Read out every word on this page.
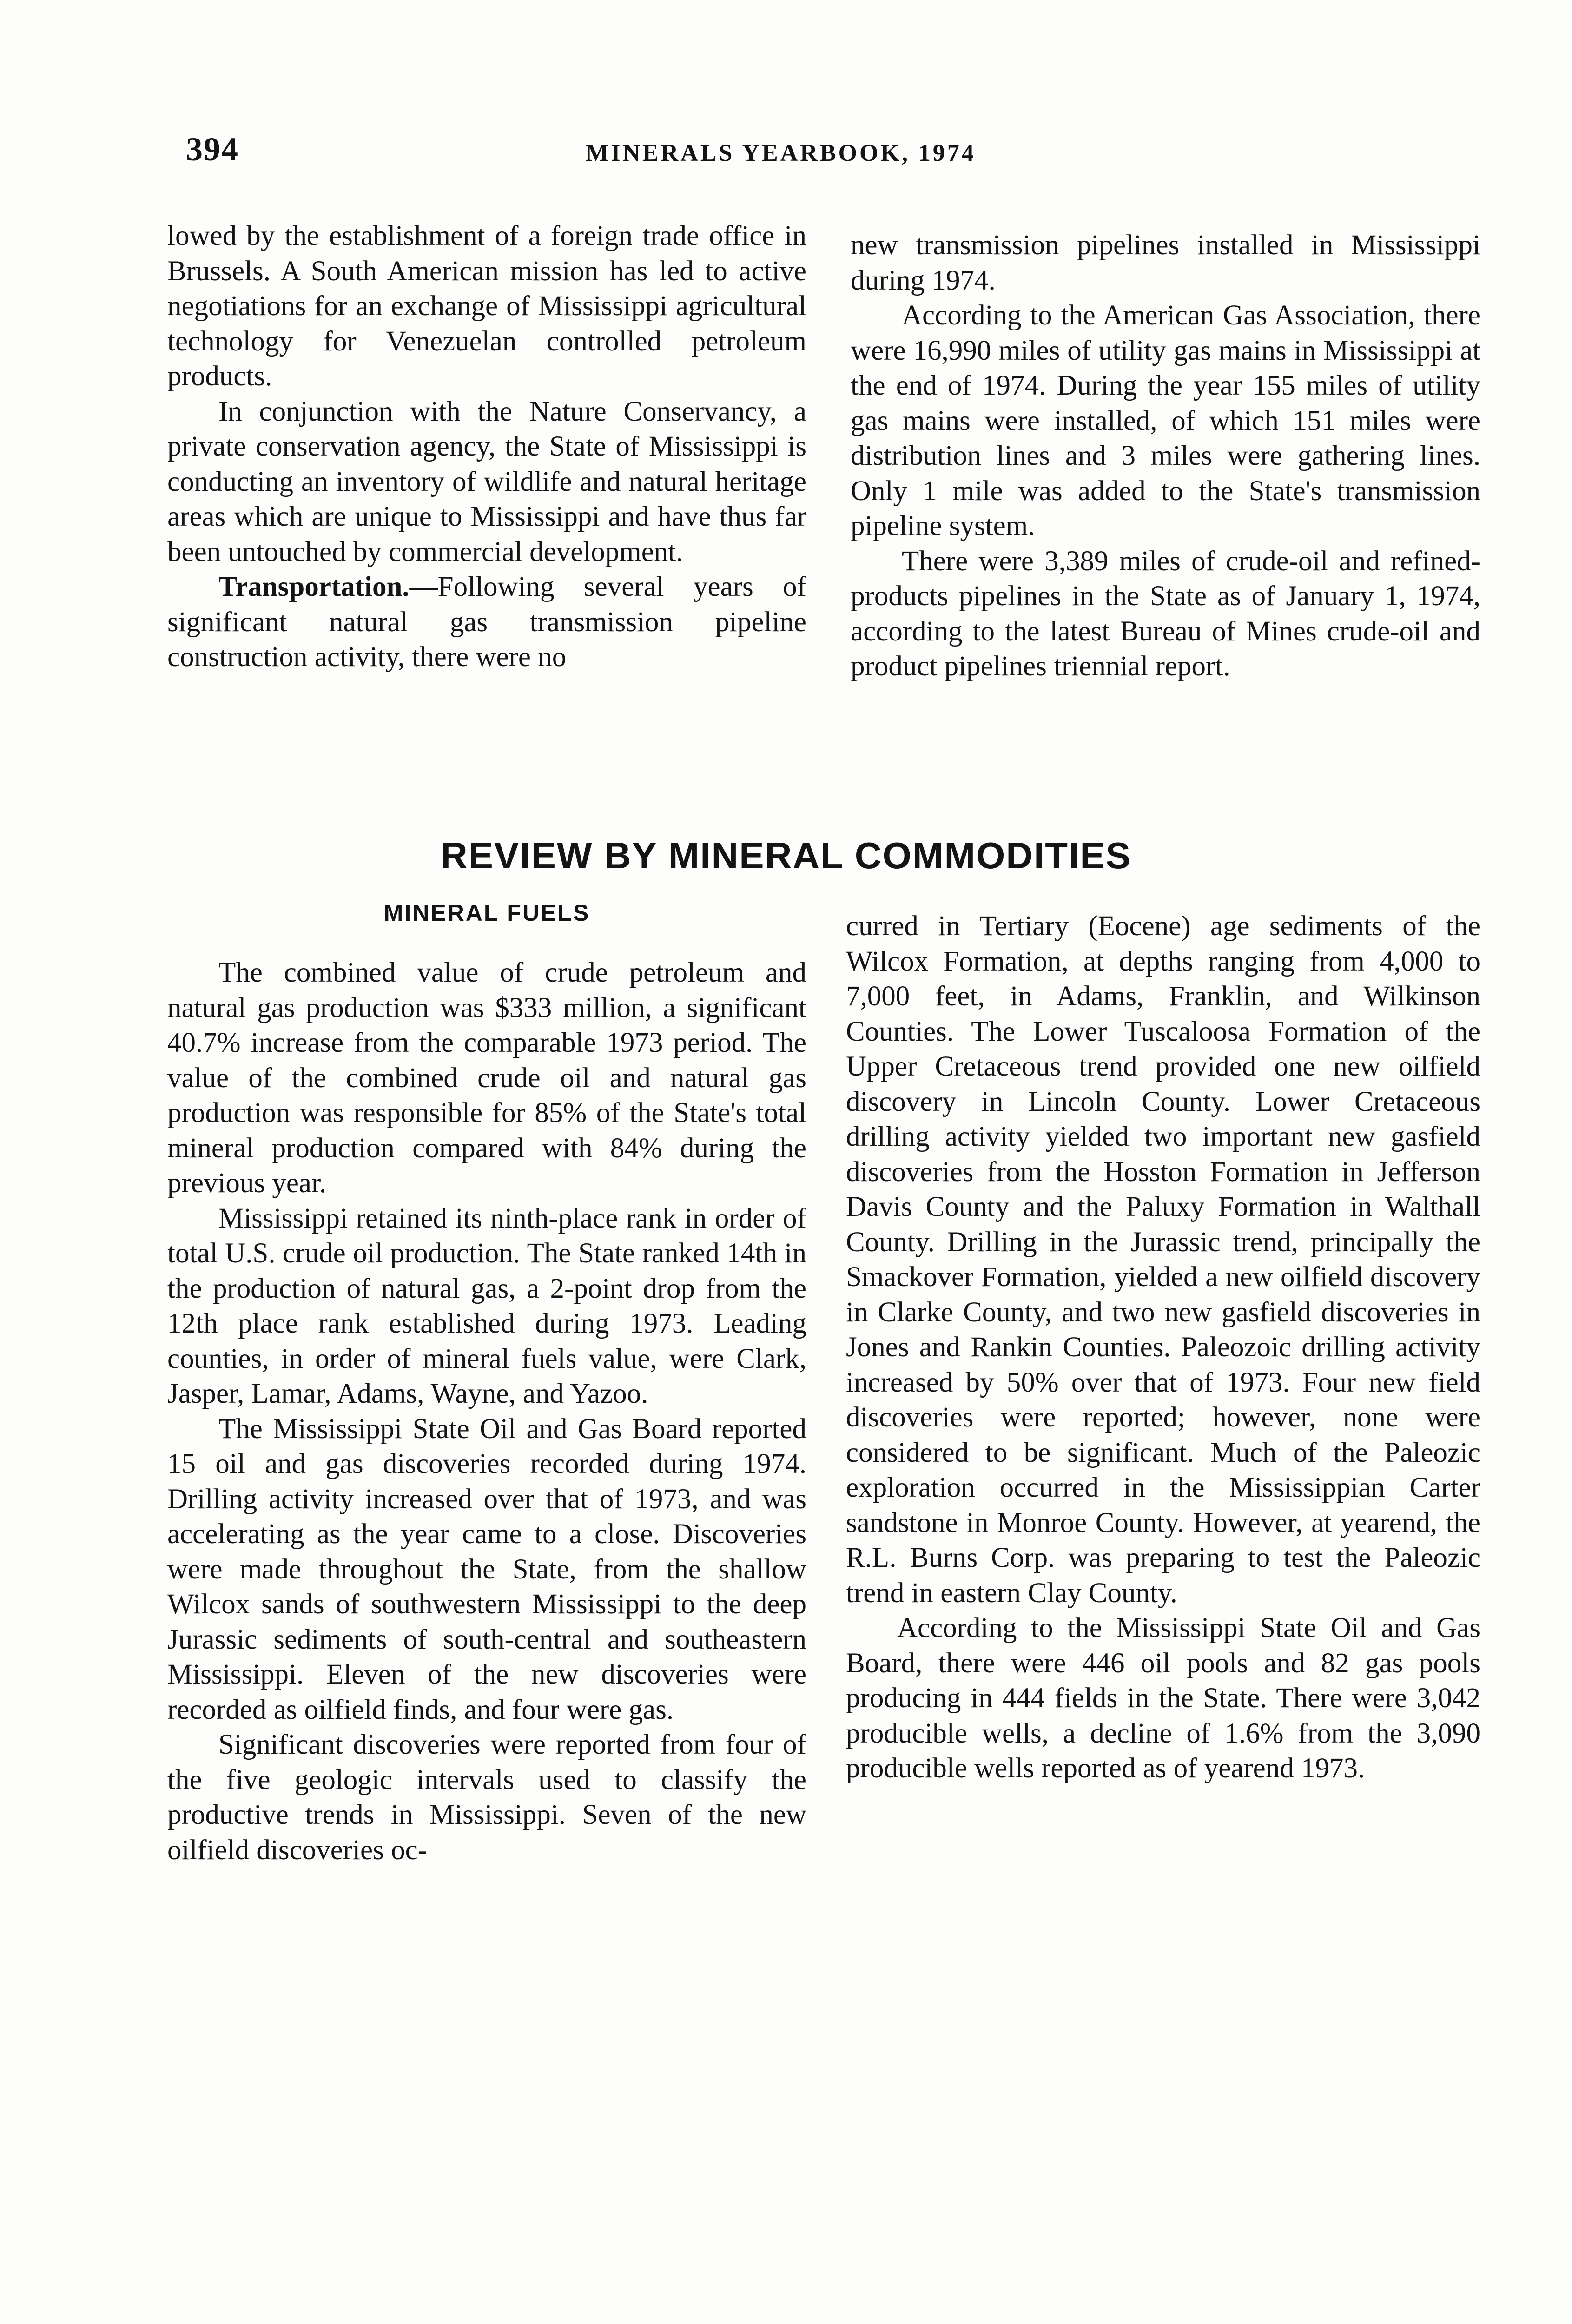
394	MINERALS YEARBOOK, 1974

lowed by the establishment of a foreign trade office in Brussels. A South American mission has led to active negotiations for an exchange of Mississippi agricultural technology for Venezuelan controlled petroleum products.

In conjunction with the Nature Conservancy, a private conservation agency, the State of Mississippi is conducting an inventory of wildlife and natural heritage areas which are unique to Mississippi and have thus far been untouched by commercial development.

Transportation.—Following several years of significant natural gas transmission pipeline construction activity, there were no

new transmission pipelines installed in Mississippi during 1974.

According to the American Gas Association, there were 16,990 miles of utility gas mains in Mississippi at the end of 1974. During the year 155 miles of utility gas mains were installed, of which 151 miles were distribution lines and 3 miles were gathering lines. Only 1 mile was added to the State's transmission pipeline system.

There were 3,389 miles of crude-oil and refined-products pipelines in the State as of January 1, 1974, according to the latest Bureau of Mines crude-oil and product pipelines triennial report.

REVIEW BY MINERAL COMMODITIES
MINERAL FUELS

The combined value of crude petroleum and natural gas production was $333 million, a significant 40.7% increase from the comparable 1973 period. The value of the combined crude oil and natural gas production was responsible for 85% of the State's total mineral production compared with 84% during the previous year.

Mississippi retained its ninth-place rank in order of total U.S. crude oil production. The State ranked 14th in the production of natural gas, a 2-point drop from the 12th place rank established during 1973. Leading counties, in order of mineral fuels value, were Clark, Jasper, Lamar, Adams, Wayne, and Yazoo.

The Mississippi State Oil and Gas Board reported 15 oil and gas discoveries recorded during 1974. Drilling activity increased over that of 1973, and was accelerating as the year came to a close. Discoveries were made throughout the State, from the shallow Wilcox sands of southwestern Mississippi to the deep Jurassic sediments of south-central and southeastern Mississippi. Eleven of the new discoveries were recorded as oilfield finds, and four were gas.

Significant discoveries were reported from four of the five geologic intervals used to classify the productive trends in Mississippi. Seven of the new oilfield discoveries oc-

curred in Tertiary (Eocene) age sediments of the Wilcox Formation, at depths ranging from 4,000 to 7,000 feet, in Adams, Franklin, and Wilkinson Counties. The Lower Tuscaloosa Formation of the Upper Cretaceous trend provided one new oilfield discovery in Lincoln County. Lower Cretaceous drilling activity yielded two important new gasfield discoveries from the Hosston Formation in Jefferson Davis County and the Paluxy Formation in Walthall County. Drilling in the Jurassic trend, principally the Smackover Formation, yielded a new oilfield discovery in Clarke County, and two new gasfield discoveries in Jones and Rankin Counties. Paleozoic drilling activity increased by 50% over that of 1973. Four new field discoveries were reported; however, none were considered to be significant. Much of the Paleozic exploration occurred in the Mississippian Carter sandstone in Monroe County. However, at yearend, the R.L. Burns Corp. was preparing to test the Paleozic trend in eastern Clay County.

According to the Mississippi State Oil and Gas Board, there were 446 oil pools and 82 gas pools producing in 444 fields in the State. There were 3,042 producible wells, a decline of 1.6% from the 3,090 producible wells reported as of yearend 1973.
